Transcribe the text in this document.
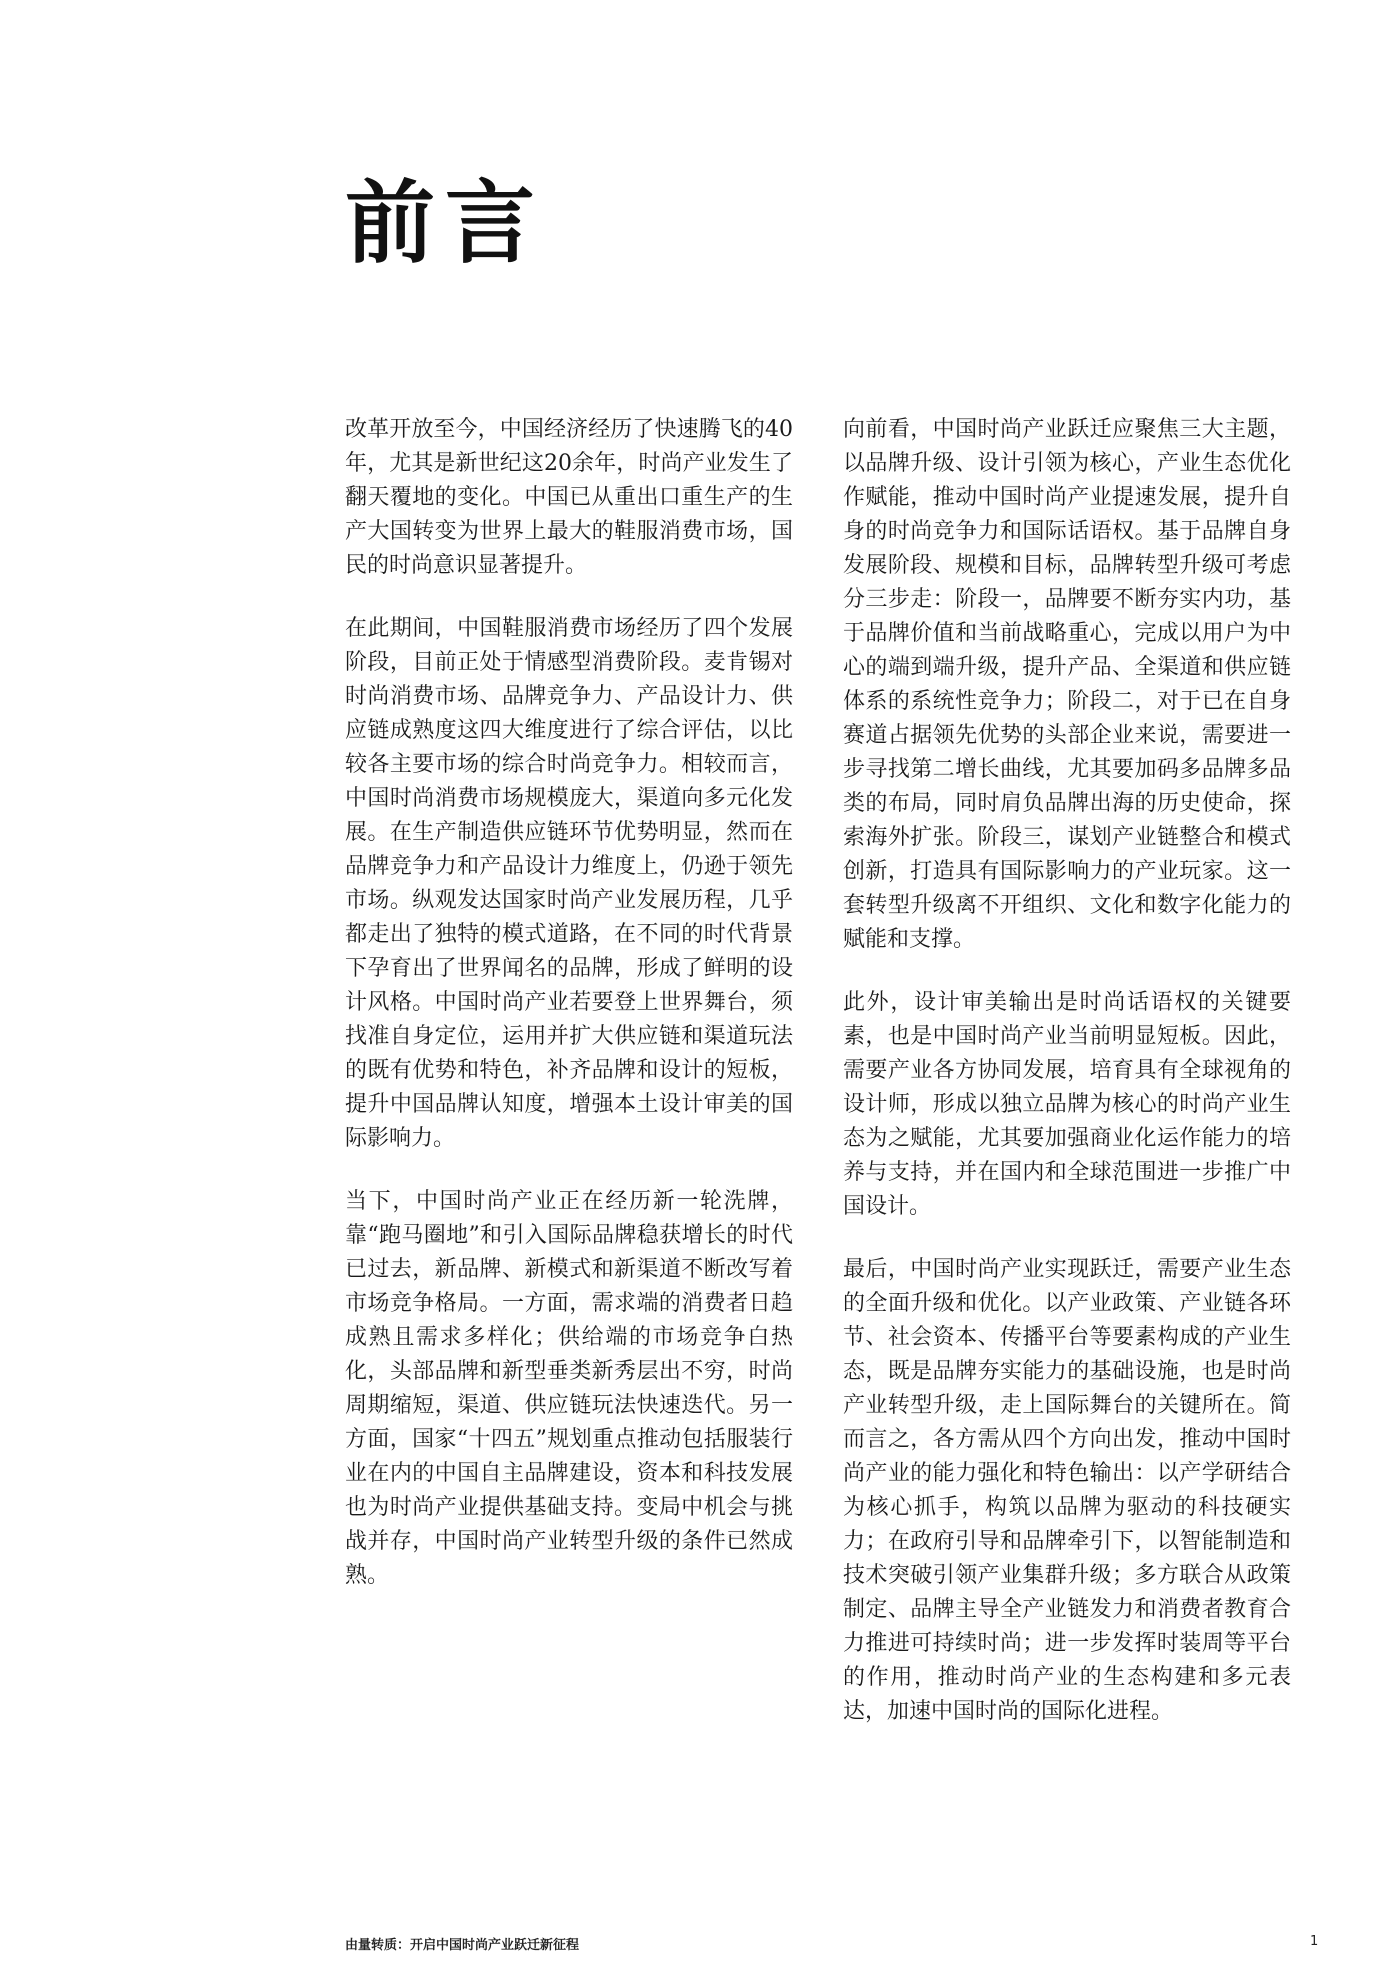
前言

改革开放至今，中国经济经历了快速腾飞的40年，尤其是新世纪这20余年，时尚产业发生了翻天覆地的变化。中国已从重出口重生产的生产大国转变为世界上最大的鞋服消费市场，国民的时尚意识显著提升。

在此期间，中国鞋服消费市场经历了四个发展阶段，目前正处于情感型消费阶段。麦肯锡对时尚消费市场、品牌竞争力、产品设计力、供应链成熟度这四大维度进行了综合评估，以比较各主要市场的综合时尚竞争力。相较而言，中国时尚消费市场规模庞大，渠道向多元化发展。在生产制造供应链环节优势明显，然而在品牌竞争力和产品设计力维度上，仍逊于领先市场。纵观发达国家时尚产业发展历程，几乎都走出了独特的模式道路，在不同的时代背景下孕育出了世界闻名的品牌，形成了鲜明的设计风格。中国时尚产业若要登上世界舞台，须找准自身定位，运用并扩大供应链和渠道玩法的既有优势和特色，补齐品牌和设计的短板，提升中国品牌认知度，增强本土设计审美的国际影响力。

当下，中国时尚产业正在经历新一轮洗牌，靠“跑马圈地”和引入国际品牌稳获增长的时代已过去，新品牌、新模式和新渠道不断改写着市场竞争格局。一方面，需求端的消费者日趋成熟且需求多样化；供给端的市场竞争白热化，头部品牌和新型垂类新秀层出不穷，时尚周期缩短，渠道、供应链玩法快速迭代。另一方面，国家“十四五”规划重点推动包括服装行业在内的中国自主品牌建设，资本和科技发展也为时尚产业提供基础支持。变局中机会与挑战并存，中国时尚产业转型升级的条件已然成熟。

向前看，中国时尚产业跃迁应聚焦三大主题，以品牌升级、设计引领为核心，产业生态优化作赋能，推动中国时尚产业提速发展，提升自身的时尚竞争力和国际话语权。基于品牌自身发展阶段、规模和目标，品牌转型升级可考虑分三步走：阶段一，品牌要不断夯实内功，基于品牌价值和当前战略重心，完成以用户为中心的端到端升级，提升产品、全渠道和供应链体系的系统性竞争力；阶段二，对于已在自身赛道占据领先优势的头部企业来说，需要进一步寻找第二增长曲线，尤其要加码多品牌多品类的布局，同时肩负品牌出海的历史使命，探索海外扩张。阶段三，谋划产业链整合和模式创新，打造具有国际影响力的产业玩家。这一套转型升级离不开组织、文化和数字化能力的赋能和支撑。

此外，设计审美输出是时尚话语权的关键要素，也是中国时尚产业当前明显短板。因此，需要产业各方协同发展，培育具有全球视角的设计师，形成以独立品牌为核心的时尚产业生态为之赋能，尤其要加强商业化运作能力的培养与支持，并在国内和全球范围进一步推广中国设计。

最后，中国时尚产业实现跃迁，需要产业生态的全面升级和优化。以产业政策、产业链各环节、社会资本、传播平台等要素构成的产业生态，既是品牌夯实能力的基础设施，也是时尚产业转型升级，走上国际舞台的关键所在。简而言之，各方需从四个方向出发，推动中国时尚产业的能力强化和特色输出：以产学研结合为核心抓手，构筑以品牌为驱动的科技硬实力；在政府引导和品牌牵引下，以智能制造和技术突破引领产业集群升级；多方联合从政策制定、品牌主导全产业链发力和消费者教育合力推进可持续时尚；进一步发挥时装周等平台的作用，推动时尚产业的生态构建和多元表达，加速中国时尚的国际化进程。

由量转质：开启中国时尚产业跃迁新征程	1
